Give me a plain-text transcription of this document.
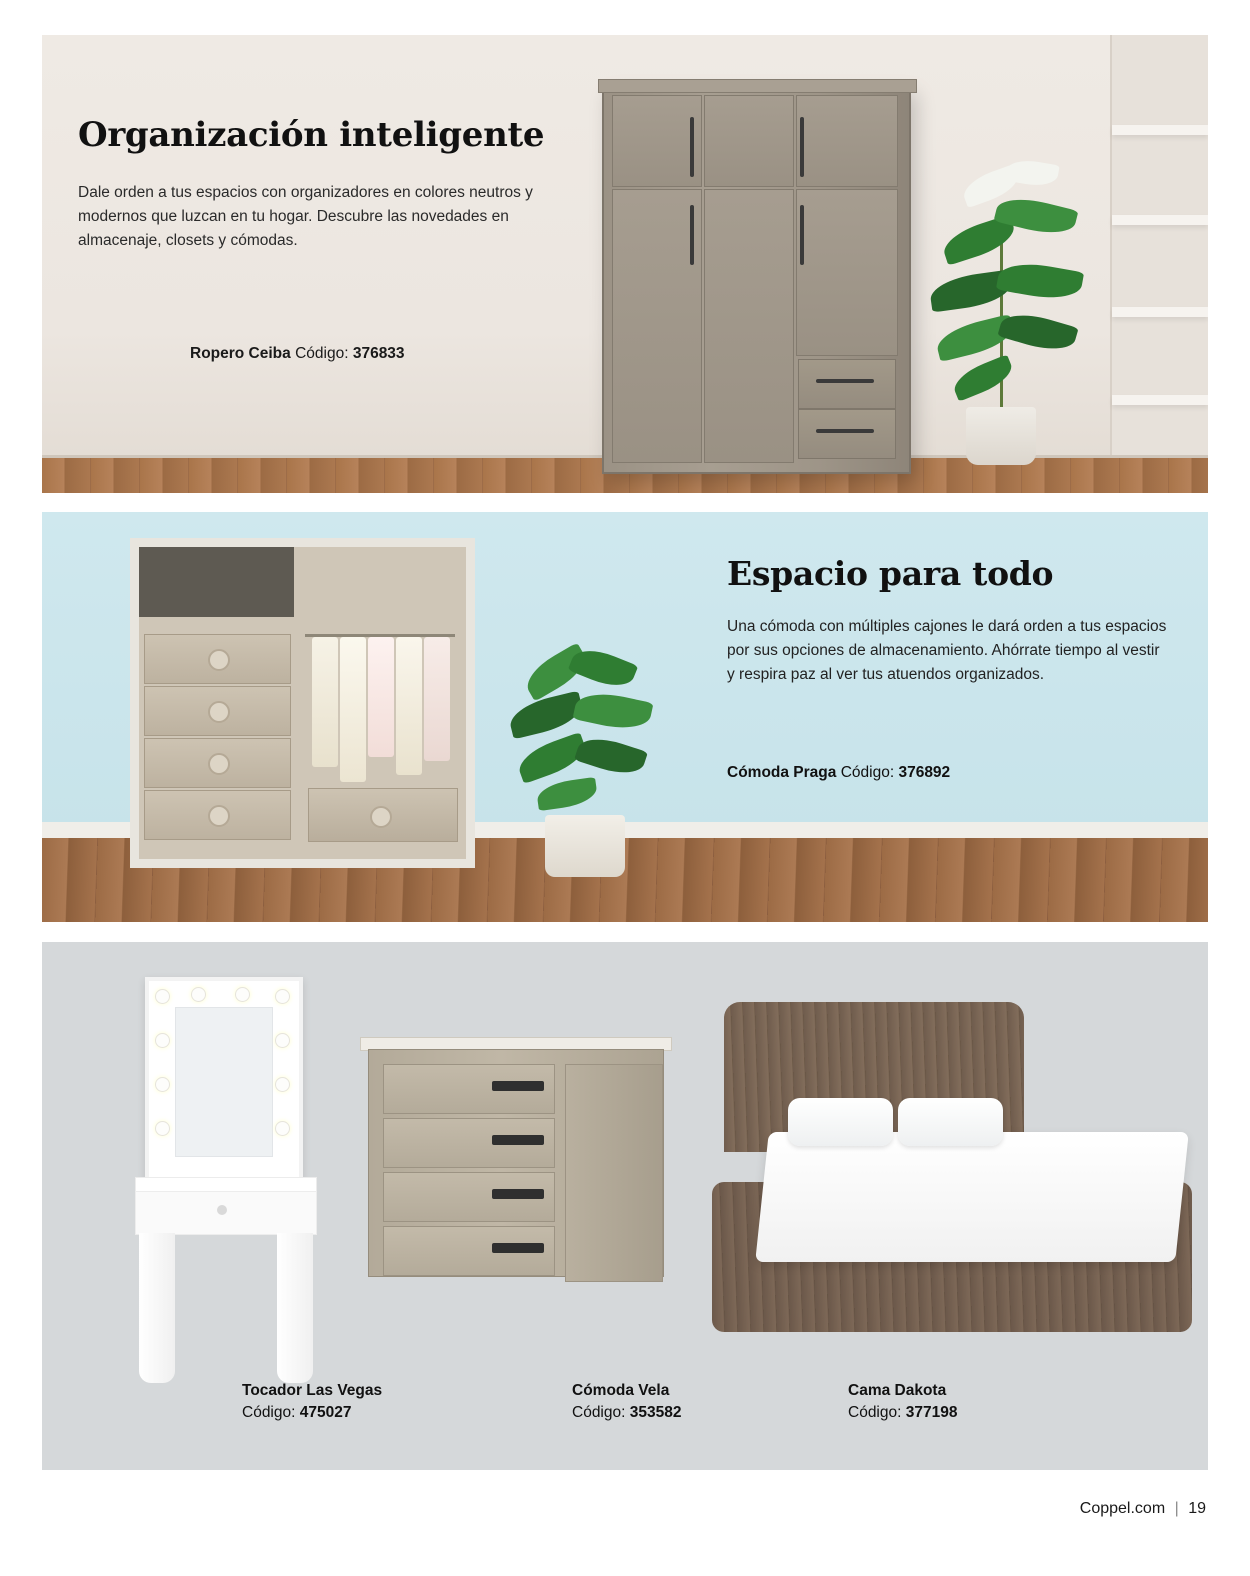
Organización inteligente

Dale orden a tus espacios con organizadores en colores neutros y modernos que luzcan en tu hogar. Descubre las novedades en almacenaje, closets y cómodas.

Ropero Ceiba Código: 376833
Espacio para todo

Una cómoda con múltiples cajones le dará orden a tus espacios por sus opciones de almacenamiento. Ahórrate tiempo al vestir y respira paz al ver tus atuendos organizados.

Cómoda Praga Código: 376892
Tocador Las Vegas
Código: 475027
Cómoda Vela
Código: 353582
Cama Dakota
Código: 377198
Coppel.com | 19
